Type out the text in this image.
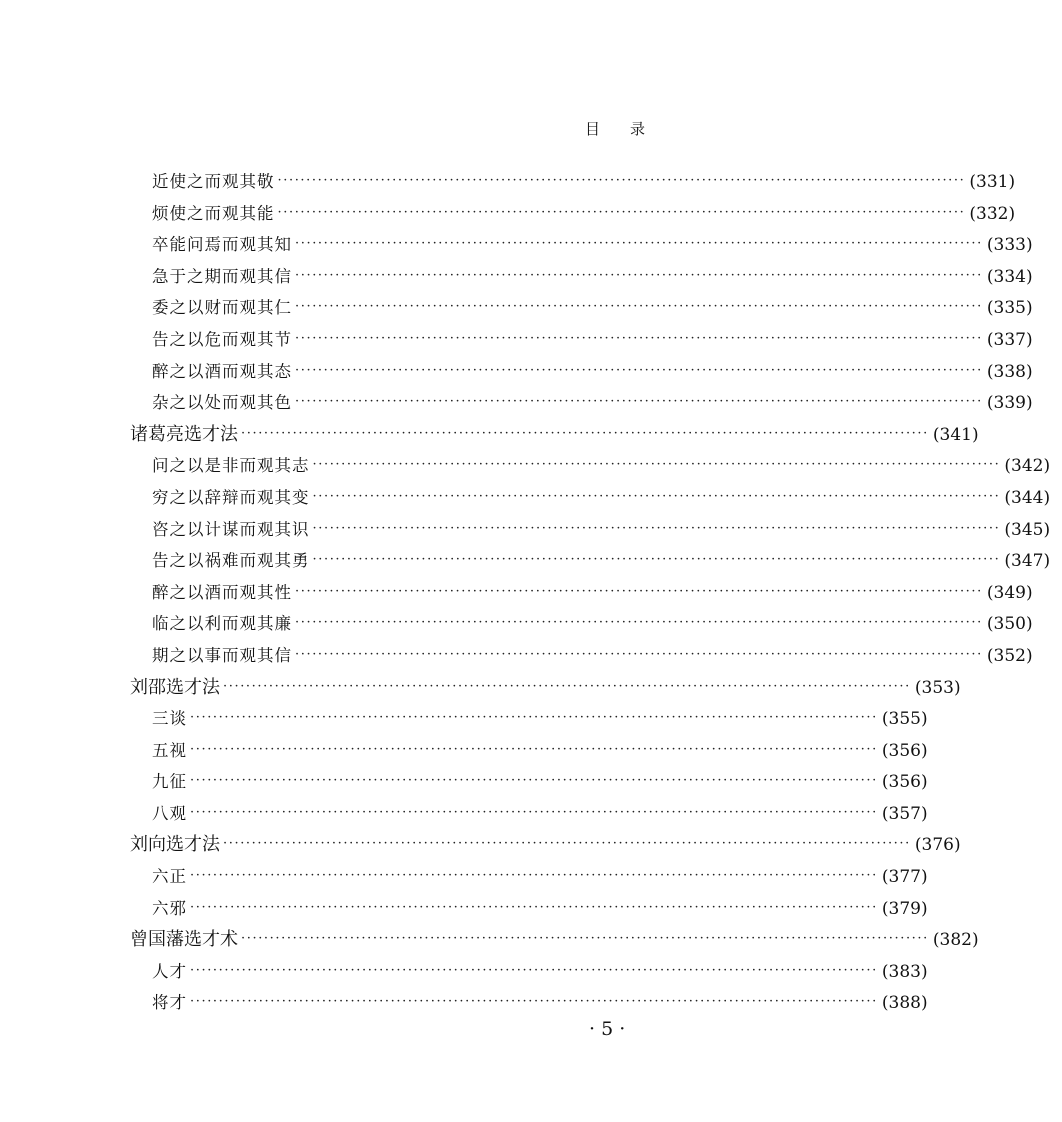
目 录
近使之而观其敬 ························································································································ (331)
烦使之而观其能 ························································································································ (332)
卒能问焉而观其知 ························································································································ (333)
急于之期而观其信 ························································································································ (334)
委之以财而观其仁 ························································································································ (335)
告之以危而观其节 ························································································································ (337)
醉之以酒而观其态 ························································································································ (338)
杂之以处而观其色 ························································································································ (339)
诸葛亮选才法 ························································································································ (341)
问之以是非而观其志 ························································································································ (342)
穷之以辞辩而观其变 ························································································································ (344)
咨之以计谋而观其识 ························································································································ (345)
告之以祸难而观其勇 ························································································································ (347)
醉之以酒而观其性 ························································································································ (349)
临之以利而观其廉 ························································································································ (350)
期之以事而观其信 ························································································································ (352)
刘邵选才法 ························································································································ (353)
三谈 ························································································································ (355)
五视 ························································································································ (356)
九征 ························································································································ (356)
八观 ························································································································ (357)
刘向选才法 ························································································································ (376)
六正 ························································································································ (377)
六邪 ························································································································ (379)
曾国藩选才术 ························································································································ (382)
人才 ························································································································ (383)
将才 ························································································································ (388)
· 5 ·
